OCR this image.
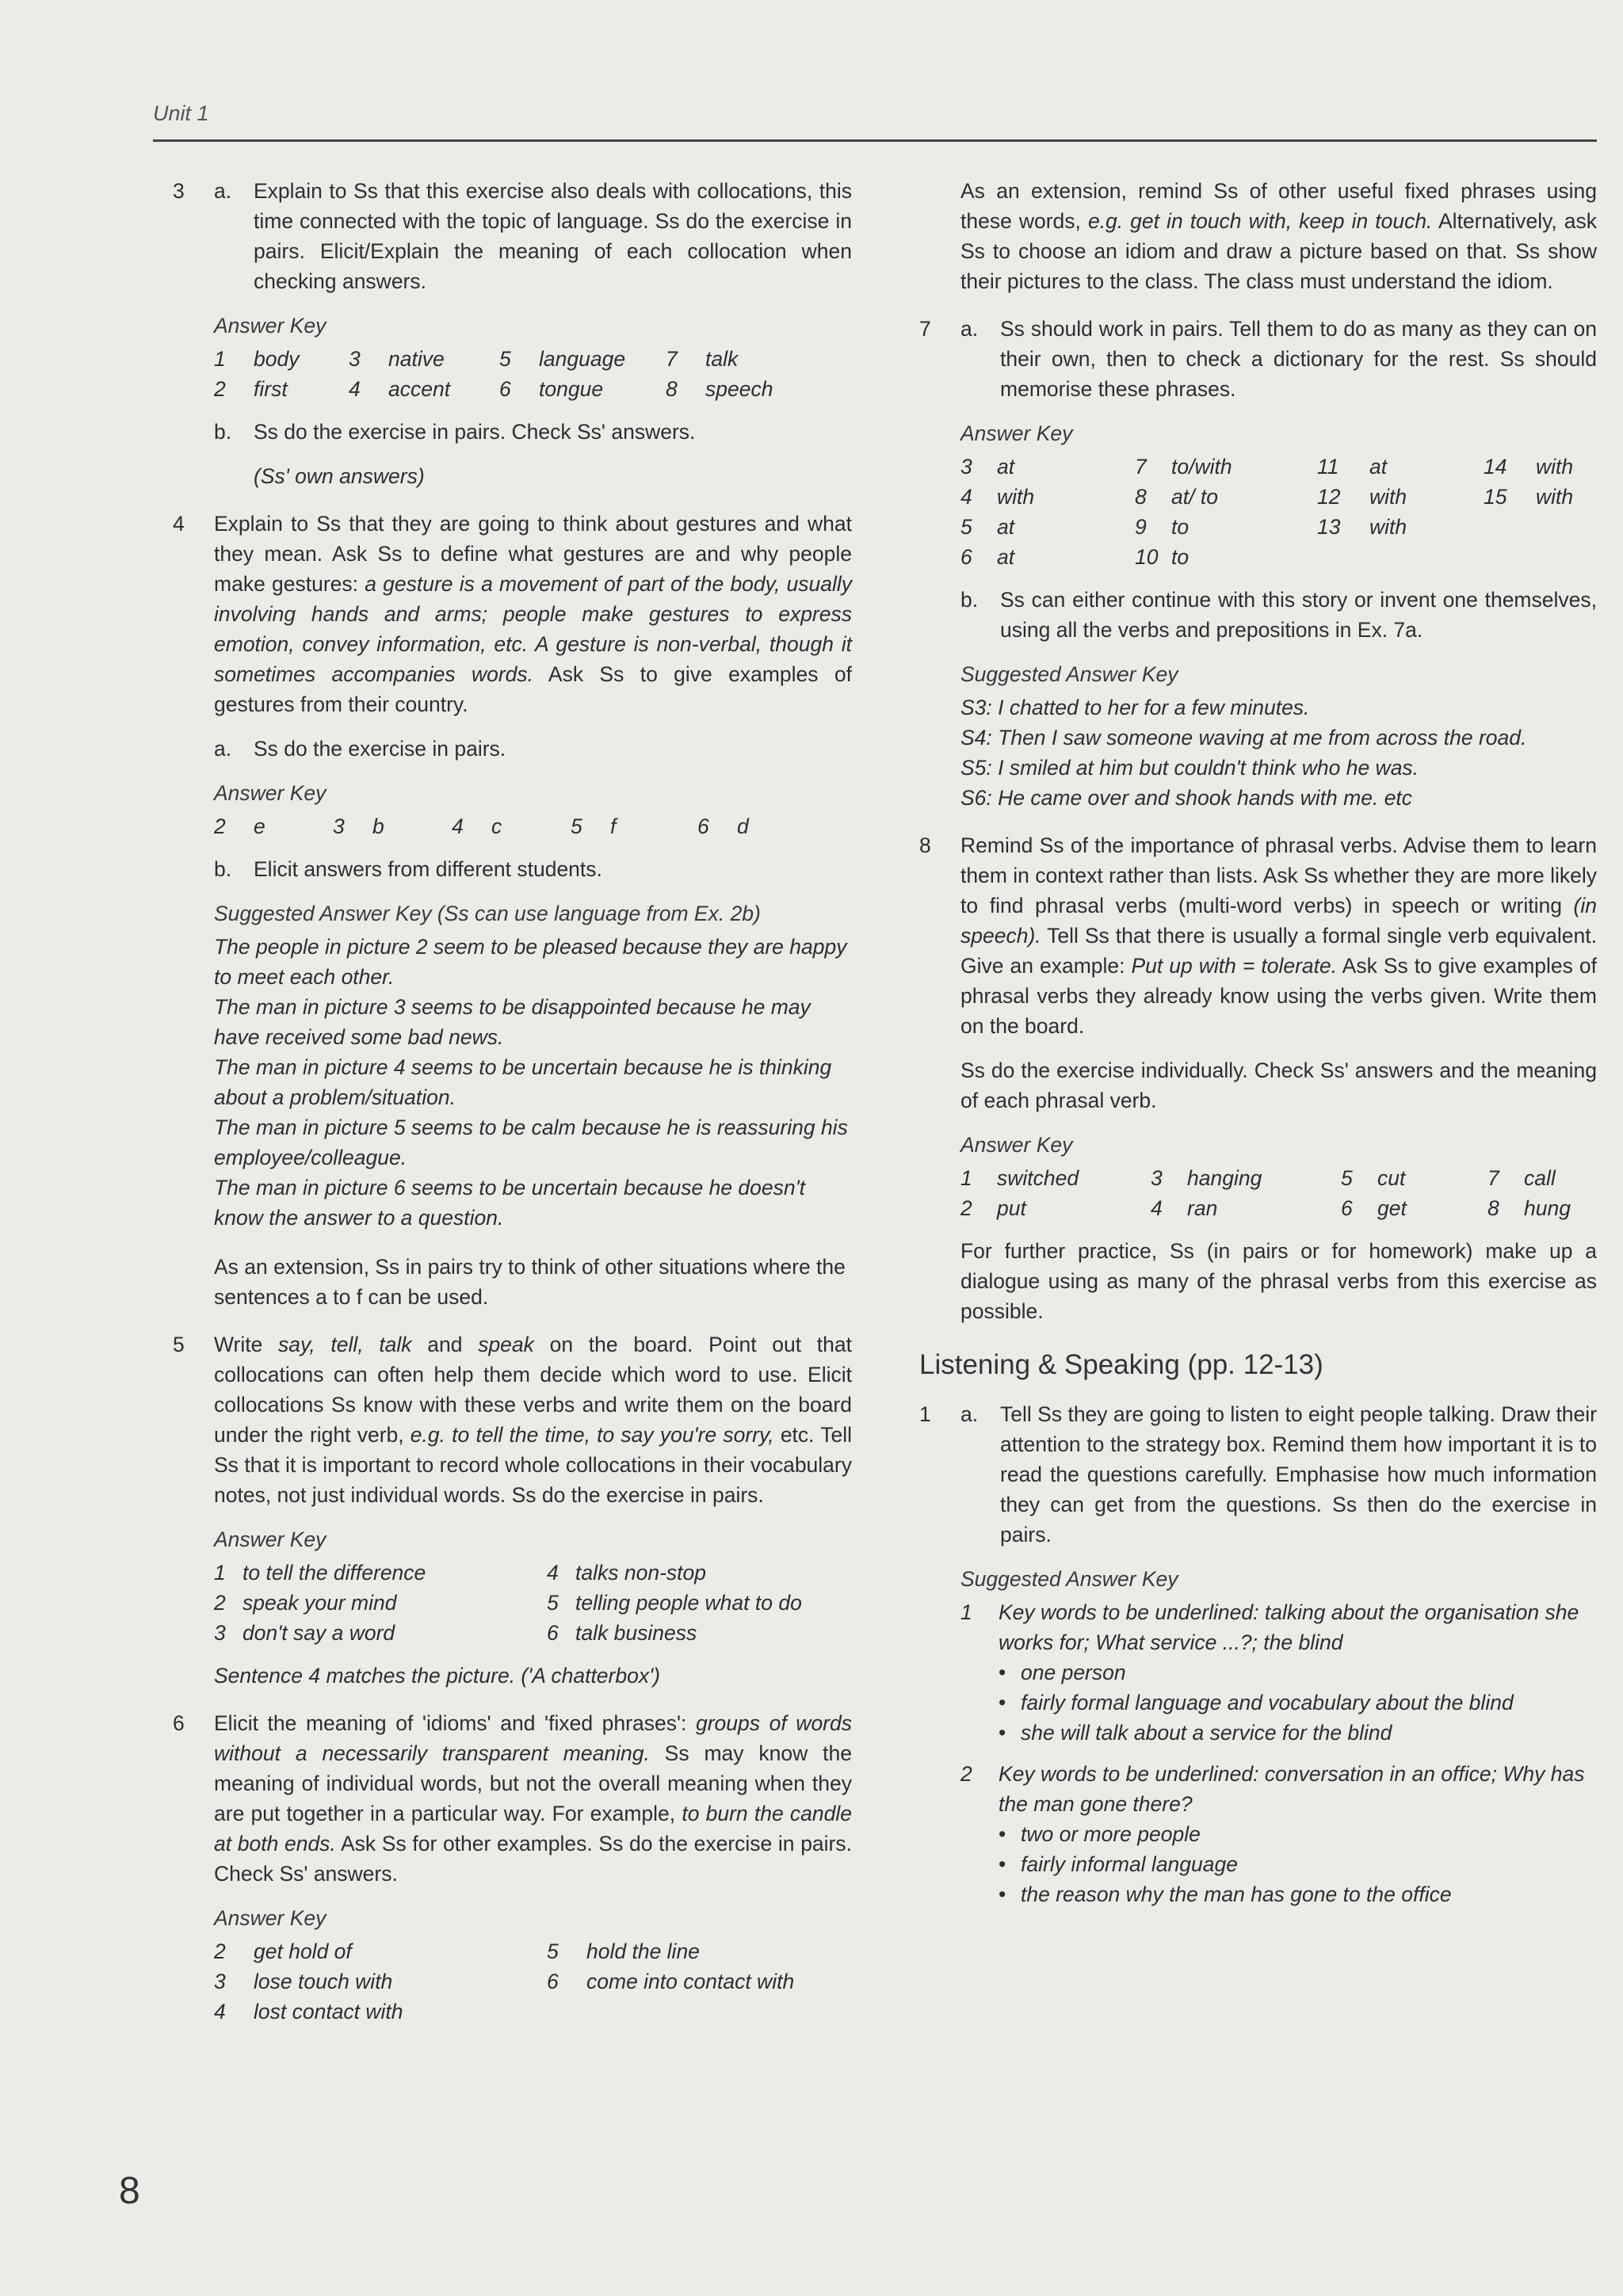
Unit 1
3	a. Explain to Ss that this exercise also deals with collocations, this time connected with the topic of language. Ss do the exercise in pairs. Elicit/Explain the meaning of each collocation when checking answers.

Answer Key
1	body 3	native	5	language 7	talk
2	first	4	accent 6	tongue	8	speech
b. Ss do the exercise in pairs. Check Ss' answers.

(Ss' own answers)

4	Explain to Ss that they are going to think about gestures and what they mean. Ask Ss to define what gestures are and why people make gestures: a gesture is a movement of part of the body, usually involving hands and arms; people make gestures to express emotion, convey information, etc. A gesture is non-verbal, though it sometimes accompanies words. Ask Ss to give examples of gestures from their country.

a. Ss do the exercise in pairs.

Answer Key
2	e	3	b	4	c	5	f	6	d
b. Elicit answers from different students.

Suggested Answer Key (Ss can use language from Ex. 2b)
The people in picture 2 seem to be pleased because they are happy to meet each other.
The man in picture 3 seems to be disappointed because he may have received some bad news.
The man in picture 4 seems to be uncertain because he is thinking about a problem/situation.
The man in picture 5 seems to be calm because he is reassuring his employee/colleague.
The man in picture 6 seems to be uncertain because he doesn't know the answer to a question.

As an extension, Ss in pairs try to think of other situations where the sentences a to f can be used.

5	Write say, tell, talk and speak on the board. Point out that collocations can often help them decide which word to use. Elicit collocations Ss know with these verbs and write them on the board under the right verb, e.g. to tell the time, to say you're sorry, etc. Tell Ss that it is important to record whole collocations in their vocabulary notes, not just individual words. Ss do the exercise in pairs.

Answer Key
1 to tell the difference	4 talks non-stop
2 speak your mind	5 telling people what to do
3 don't say a word	6 talk business

Sentence 4 matches the picture. ('A chatterbox')

6	Elicit the meaning of 'idioms' and 'fixed phrases': groups of words without a necessarily transparent meaning. Ss may know the meaning of individual words, but not the overall meaning when they are put together in a particular way. For example, to burn the candle at both ends. Ask Ss for other examples. Ss do the exercise in pairs. Check Ss' answers.

Answer Key
2	get hold of	5	hold the line
3	lose touch with	6	come into contact with
4	lost contact with

As an extension, remind Ss of other useful fixed phrases using these words, e.g. get in touch with, keep in touch. Alternatively, ask Ss to choose an idiom and draw a picture based on that. Ss show their pictures to the class. The class must understand the idiom.

7	a. Ss should work in pairs. Tell them to do as many as they can on their own, then to check a dictionary for the rest. Ss should memorise these phrases.

Answer Key
3	at	7	to/with	11	at	14	with
4	with	8	at/ to	12	with	15	with
5	at	9	to	13	with
6	at	10 to
b. Ss can either continue with this story or invent one themselves, using all the verbs and prepositions in Ex. 7a.

Suggested Answer Key
S3: I chatted to her for a few minutes.
S4: Then I saw someone waving at me from across the road.
S5: I smiled at him but couldn't think who he was.
S6: He came over and shook hands with me. etc
8	Remind Ss of the importance of phrasal verbs. Advise them to learn them in context rather than lists. Ask Ss whether they are more likely to find phrasal verbs (multi-word verbs) in speech or writing (in speech). Tell Ss that there is usually a formal single verb equivalent. Give an example: Put up with = tolerate. Ask Ss to give examples of phrasal verbs they already know using the verbs given. Write them on the board.

Ss do the exercise individually. Check Ss' answers and the meaning of each phrasal verb.

Answer Key
1	switched	3	hanging	5	cut	7	call
2	put	4	ran	6	get	8	hung

For further practice, Ss (in pairs or for homework) make up a dialogue using as many of the phrasal verbs from this exercise as possible.

Listening & Speaking (pp. 12-13)
1	a. Tell Ss they are going to listen to eight people talking. Draw their attention to the strategy box. Remind them how important it is to read the questions carefully. Emphasise how much information they can get from the questions. Ss then do the exercise in pairs.

Suggested Answer Key
1 Key words to be underlined: talking about the organisation she works for; What service ...?; the blind
• one person
• fairly formal language and vocabulary about the blind
• she will talk about a service for the blind
2 Key words to be underlined: conversation in an office; Why has the man gone there?
• two or more people
• fairly informal language
• the reason why the man has gone to the office
8
